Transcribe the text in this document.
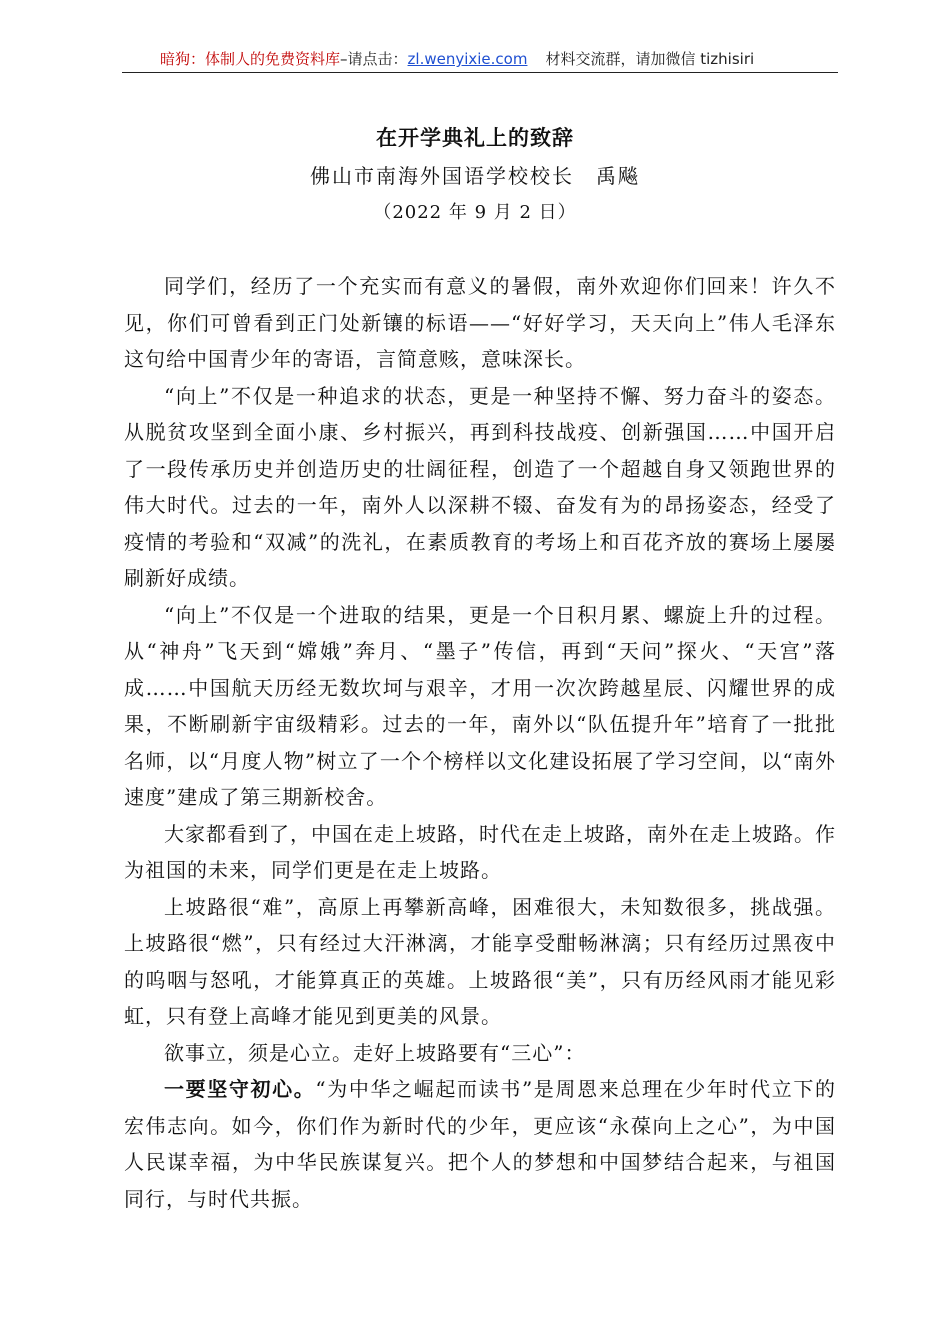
暗狗：体制人的免费资料库–请点击：zl.wenyixie.com 材料交流群，请加微信 tizhisiri
在开学典礼上的致辞
佛山市南海外国语学校校长　禹飚
（2022 年 9 月 2 日）

同学们，经历了一个充实而有意义的暑假，南外欢迎你们回来！许久不见，你们可曾看到正门处新镶的标语——“好好学习，天天向上”伟人毛泽东这句给中国青少年的寄语，言简意赅，意味深长。

“向上”不仅是一种追求的状态，更是一种坚持不懈、努力奋斗的姿态。从脱贫攻坚到全面小康、乡村振兴，再到科技战疫、创新强国……中国开启了一段传承历史并创造历史的壮阔征程，创造了一个超越自身又领跑世界的伟大时代。过去的一年，南外人以深耕不辍、奋发有为的昂扬姿态，经受了疫情的考验和“双减”的洗礼，在素质教育的考场上和百花齐放的赛场上屡屡刷新好成绩。

“向上”不仅是一个进取的结果，更是一个日积月累、螺旋上升的过程。从“神舟”飞天到“嫦娥”奔月、“墨子”传信，再到“天问”探火、“天宫”落成……中国航天历经无数坎坷与艰辛，才用一次次跨越星辰、闪耀世界的成果，不断刷新宇宙级精彩。过去的一年，南外以“队伍提升年”培育了一批批名师，以“月度人物”树立了一个个榜样以文化建设拓展了学习空间，以“南外速度”建成了第三期新校舍。

大家都看到了，中国在走上坡路，时代在走上坡路，南外在走上坡路。作为祖国的未来，同学们更是在走上坡路。

上坡路很“难”，高原上再攀新高峰，困难很大，未知数很多，挑战强。上坡路很“燃”，只有经过大汗淋漓，才能享受酣畅淋漓；只有经历过黑夜中的呜咽与怒吼，才能算真正的英雄。上坡路很“美”，只有历经风雨才能见彩虹，只有登上高峰才能见到更美的风景。

欲事立，须是心立。走好上坡路要有“三心”：

一要坚守初心。“为中华之崛起而读书”是周恩来总理在少年时代立下的宏伟志向。如今，你们作为新时代的少年，更应该“永葆向上之心”，为中国人民谋幸福，为中华民族谋复兴。把个人的梦想和中国梦结合起来，与祖国同行，与时代共振。
